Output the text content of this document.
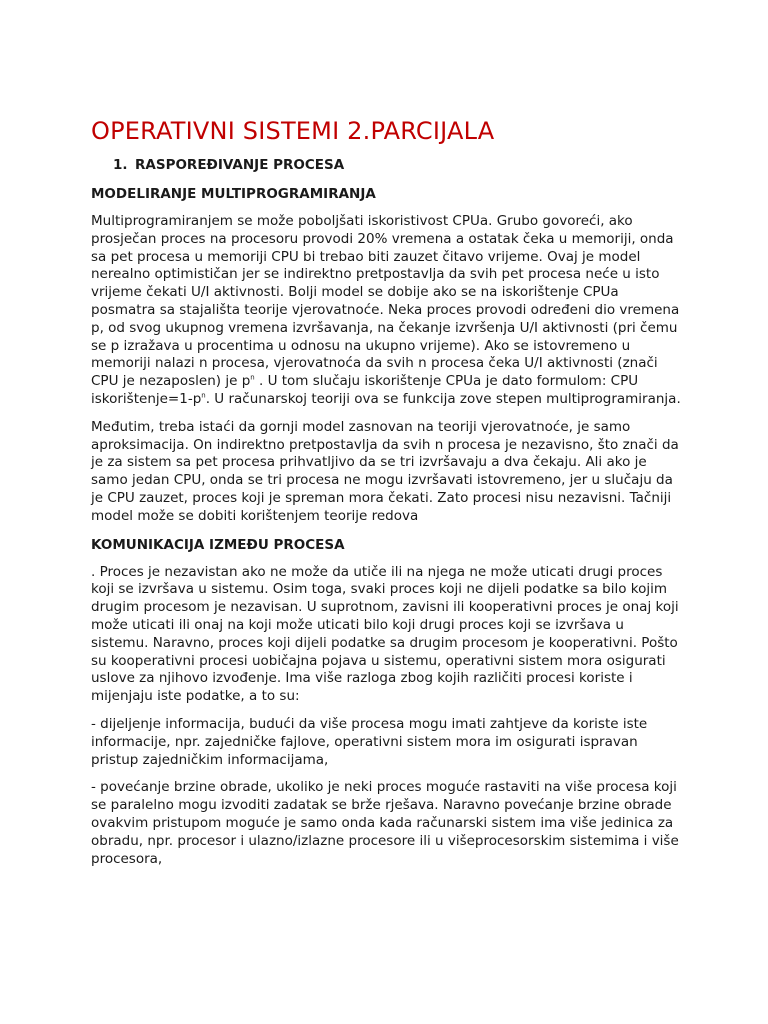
OPERATIVNI SISTEMI 2.PARCIJALA
1. RASPOREĐIVANJE PROCESA
MODELIRANJE MULTIPROGRAMIRANJA

Multiprogramiranjem se može poboljšati iskoristivost CPUa. Grubo govoreći, ako prosječan proces na procesoru provodi 20% vremena a ostatak čeka u memoriji, onda sa pet procesa u memoriji CPU bi trebao biti zauzet čitavo vrijeme. Ovaj je model nerealno optimističan jer se indirektno pretpostavlja da svih pet procesa neće u isto vrijeme čekati U/I aktivnosti. Bolji model se dobije ako se na iskorištenje CPUa posmatra sa stajališta teorije vjerovatnoće. Neka proces provodi određeni dio vremena p, od svog ukupnog vremena izvršavanja, na čekanje izvršenja U/I aktivnosti (pri čemu se p izražava u procentima u odnosu na ukupno vrijeme). Ako se istovremeno u memoriji nalazi n procesa, vjerovatnoća da svih n procesa čeka U/I aktivnosti (znači CPU je nezaposlen) je $p^n$ . U tom slučaju iskorištenje CPUa je dato formulom: CPU $iskorištenje=1-p^n$. U računarskoj teoriji ova se funkcija zove stepen multiprogramiranja.

Međutim, treba istaći da gornji model zasnovan na teoriji vjerovatnoće, je samo aproksimacija. On indirektno pretpostavlja da svih n procesa je nezavisno, što znači da je za sistem sa pet procesa prihvatljivo da se tri izvršavaju a dva čekaju. Ali ako je samo jedan CPU, onda se tri procesa ne mogu izvršavati istovremeno, jer u slučaju da je CPU zauzet, proces koji je spreman mora čekati. Zato procesi nisu nezavisni. Tačniji model može se dobiti korištenjem teorije redova

KOMUNIKACIJA IZMEĐU PROCESA

. Proces je nezavistan ako ne može da utiče ili na njega ne može uticati drugi proces koji se izvršava u sistemu. Osim toga, svaki proces koji ne dijeli podatke sa bilo kojim drugim procesom je nezavisan. U suprotnom, zavisni ili kooperativni proces je onaj koji može uticati ili onaj na koji može uticati bilo koji drugi proces koji se izvršava u sistemu. Naravno, proces koji dijeli podatke sa drugim procesom je kooperativni. Pošto su kooperativni procesi uobičajna pojava u sistemu, operativni sistem mora osigurati uslove za njihovo izvođenje. Ima više razloga zbog kojih različiti procesi koriste i mijenjaju iste podatke, a to su:

- dijeljenje informacija, budući da više procesa mogu imati zahtjeve da koriste iste informacije, npr. zajedničke fajlove, operativni sistem mora im osigurati ispravan pristup zajedničkim informacijama,

- povećanje brzine obrade, ukoliko je neki proces moguće rastaviti na više procesa koji se paralelno mogu izvoditi zadatak se brže rješava. Naravno povećanje brzine obrade ovakvim pristupom moguće je samo onda kada računarski sistem ima više jedinica za obradu, npr. procesor i ulazno/izlazne procesore ili u višeprocesorskim sistemima i više procesora,
